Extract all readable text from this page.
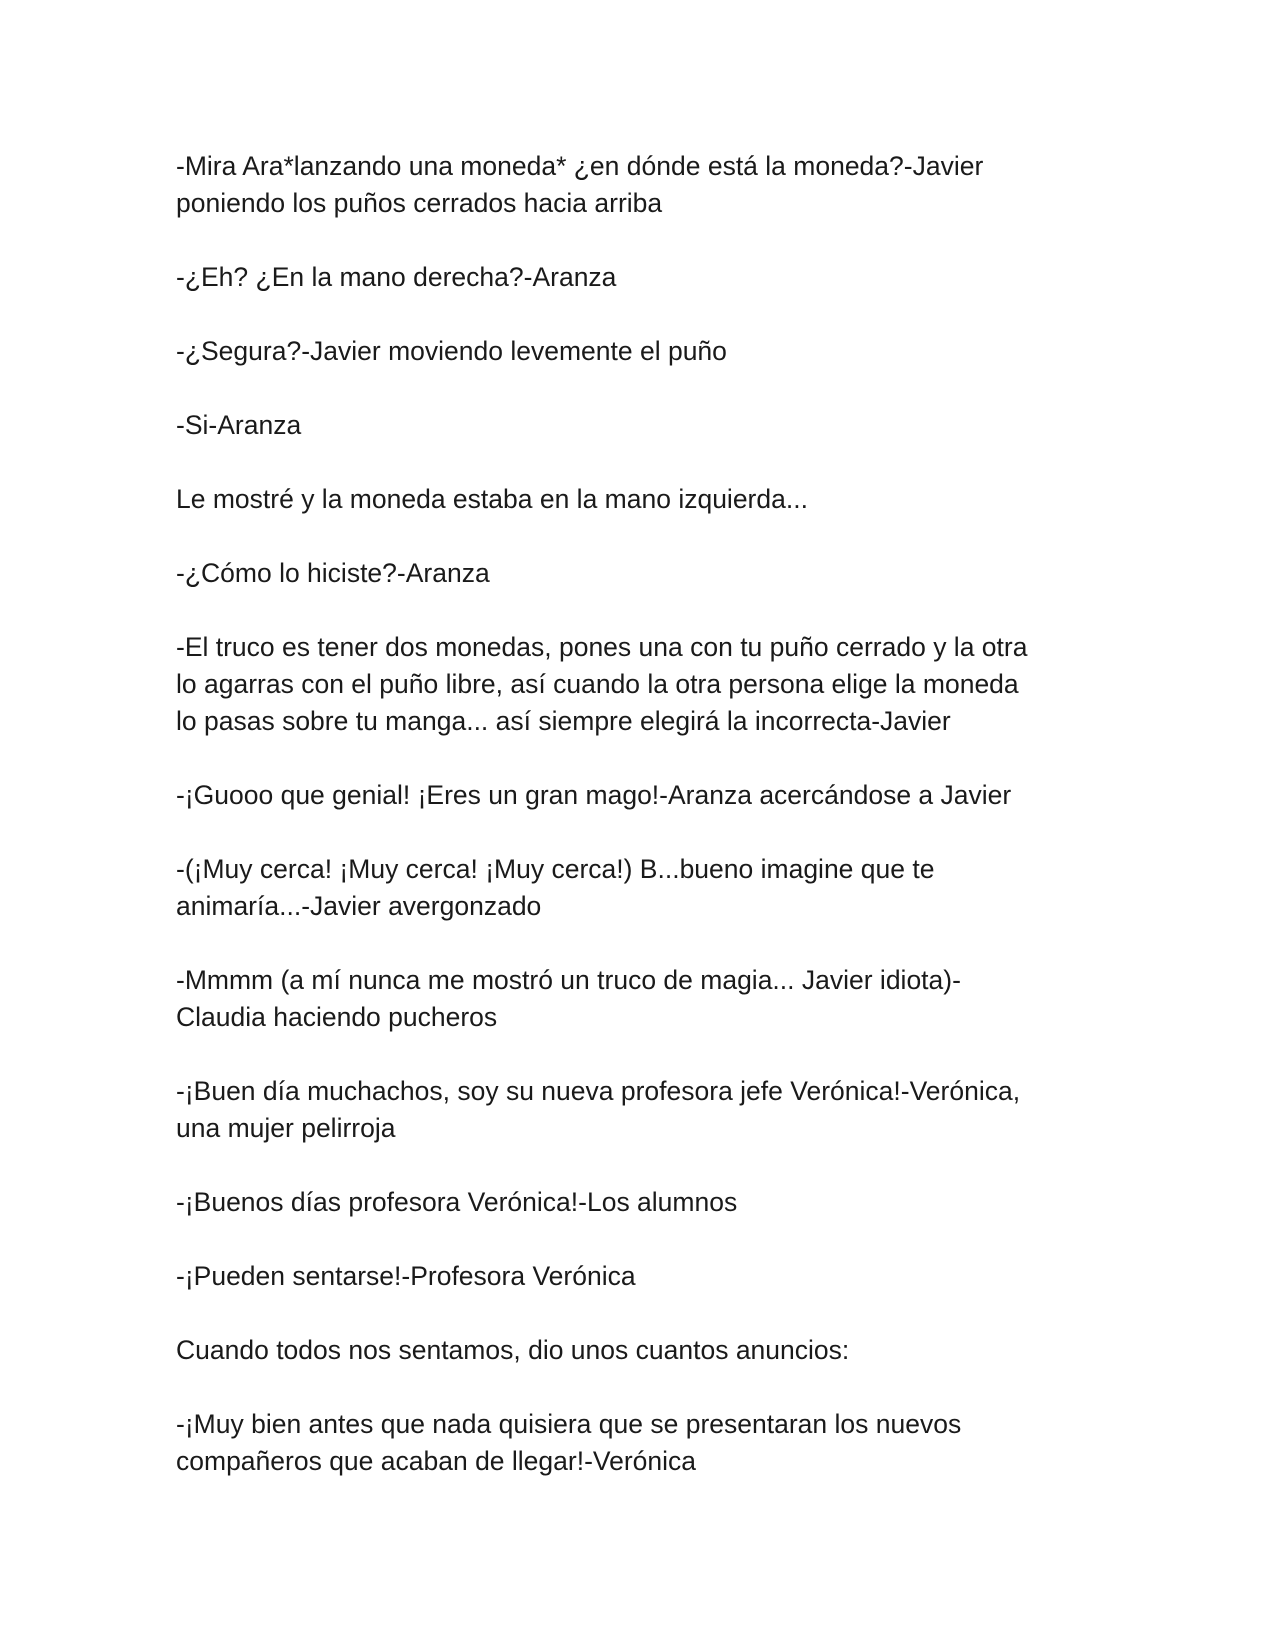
-Mira Ara*lanzando una moneda* ¿en dónde está la moneda?-Javier
poniendo los puños cerrados hacia arriba

-¿Eh? ¿En la mano derecha?-Aranza

-¿Segura?-Javier moviendo levemente el puño

-Si-Aranza

Le mostré y la moneda estaba en la mano izquierda...

-¿Cómo lo hiciste?-Aranza

-El truco es tener dos monedas, pones una con tu puño cerrado y la otra
lo agarras con el puño libre, así cuando la otra persona elige la moneda
lo pasas sobre tu manga... así siempre elegirá la incorrecta-Javier

-¡Guooo que genial! ¡Eres un gran mago!-Aranza acercándose a Javier

-(¡Muy cerca! ¡Muy cerca! ¡Muy cerca!) B...bueno imagine que te
animaría...-Javier avergonzado

-Mmmm (a mí nunca me mostró un truco de magia... Javier idiota)-
Claudia haciendo pucheros

-¡Buen día muchachos, soy su nueva profesora jefe Verónica!-Verónica,
una mujer pelirroja

-¡Buenos días profesora Verónica!-Los alumnos

-¡Pueden sentarse!-Profesora Verónica

Cuando todos nos sentamos, dio unos cuantos anuncios:

-¡Muy bien antes que nada quisiera que se presentaran los nuevos
compañeros que acaban de llegar!-Verónica
